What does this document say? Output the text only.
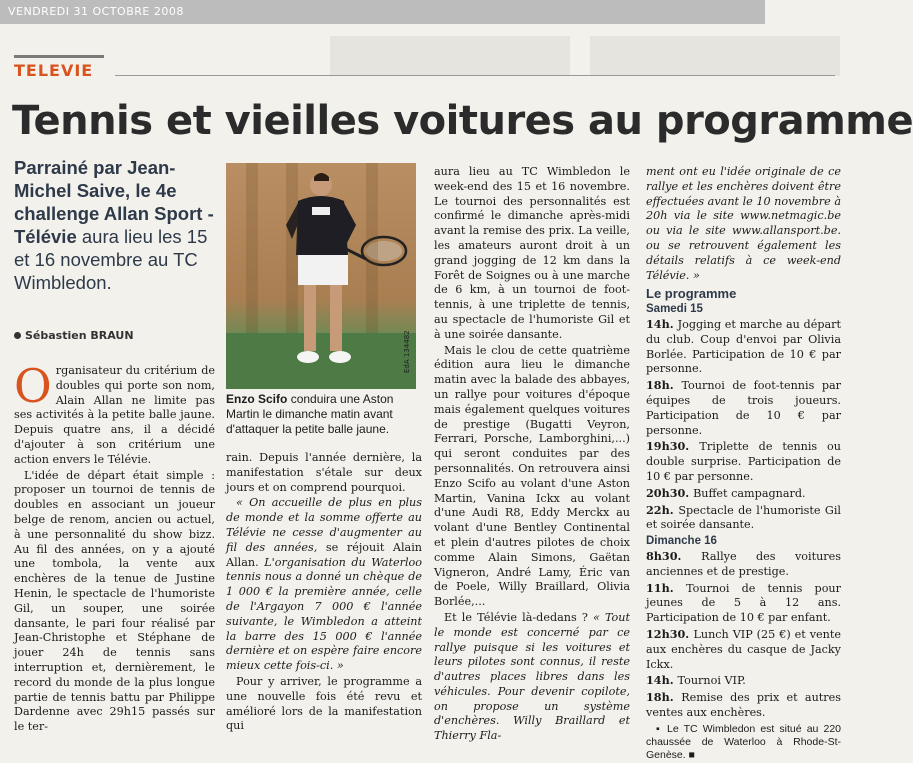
VENDREDI 31 OCTOBRE 2008
TELEVIE
Tennis et vieilles voitures au programme
Parrainé par Jean-Michel Saive, le 4e challenge Allan Sport - Télévie aura lieu les 15 et 16 novembre au TC Wimbledon.
Sébastien BRAUN

Organisateur du critérium de doubles qui porte son nom, Alain Allan ne limite pas ses activités à la petite balle jaune. Depuis quatre ans, il a décidé d'ajouter à son critérium une action envers le Télévie.

L'idée de départ était simple : proposer un tournoi de tennis de doubles en associant un joueur belge de renom, ancien ou actuel, à une personnalité du show bizz. Au fil des années, on y a ajouté une tombola, la vente aux enchères de la tenue de Justine Henin, le spectacle de l'humoriste Gil, un souper, une soirée dansante, le pari four réalisé par Jean-Christophe et Stéphane de jouer 24h de tennis sans interruption et, dernièrement, le record du monde de la plus longue partie de tennis battu par Philippe Dardenne avec 29h15 passés sur le ter-

EdA 134482
Enzo Scifo conduira une Aston Martin le dimanche matin avant d'attaquer la petite balle jaune.

rain. Depuis l'année dernière, la manifestation s'étale sur deux jours et on comprend pourquoi.

« On accueille de plus en plus de monde et la somme offerte au Télévie ne cesse d'augmenter au fil des années, se réjouit Alain Allan. L'organisation du Waterloo tennis nous a donné un chèque de 1 000 € la première année, celle de l'Argayon 7 000 € l'année suivante, le Wimbledon a atteint la barre des 15 000 € l'année dernière et on espère faire encore mieux cette fois-ci. »

Pour y arriver, le programme a une nouvelle fois été revu et amélioré lors de la manifestation qui

aura lieu au TC Wimbledon le week-end des 15 et 16 novembre. Le tournoi des personnalités est confirmé le dimanche après-midi avant la remise des prix. La veille, les amateurs auront droit à un grand jogging de 12 km dans la Forêt de Soignes ou à une marche de 6 km, à un tournoi de foot-tennis, à une triplette de tennis, au spectacle de l'humoriste Gil et à une soirée dansante.

Mais le clou de cette quatrième édition aura lieu le dimanche matin avec la balade des abbayes, un rallye pour voitures d'époque mais également quelques voitures de prestige (Bugatti Veyron, Ferrari, Porsche, Lamborghini,...) qui seront conduites par des personnalités. On retrouvera ainsi Enzo Scifo au volant d'une Aston Martin, Vanina Ickx au volant d'une Audi R8, Eddy Merckx au volant d'une Bentley Continental et plein d'autres pilotes de choix comme Alain Simons, Gaëtan Vigneron, André Lamy, Éric van de Poele, Willy Braillard, Olivia Borlée,...

Et le Télévie là-dedans ? « Tout le monde est concerné par ce rallye puisque si les voitures et leurs pilotes sont connus, il reste d'autres places libres dans les véhicules. Pour devenir copilote, on propose un système d'enchères. Willy Braillard et Thierry Fla-

ment ont eu l'idée originale de ce rallye et les enchères doivent être effectuées avant le 10 novembre à 20h via le site www.netmagic.be ou via le site www.allansport.be. ou se retrouvent également les détails relatifs à ce week-end Télévie. »

Le programme
Samedi 15

14h. Jogging et marche au départ du club. Coup d'envoi par Olivia Borlée. Participation de 10 € par personne.

18h. Tournoi de foot-tennis par équipes de trois joueurs. Participation de 10 € par personne.

19h30. Triplette de tennis ou double surprise. Participation de 10 € par personne.

20h30. Buffet campagnard.

22h. Spectacle de l'humoriste Gil et soirée dansante.

Dimanche 16

8h30. Rallye des voitures anciennes et de prestige.

11h. Tournoi de tennis pour jeunes de 5 à 12 ans. Participation de 10 € par enfant.

12h30. Lunch VIP (25 €) et vente aux enchères du casque de Jacky Ickx.

14h. Tournoi VIP.

18h. Remise des prix et autres ventes aux enchères.

▪ Le TC Wimbledon est situé au 220 chaussée de Waterloo à Rhode-St-Genèse. ■
